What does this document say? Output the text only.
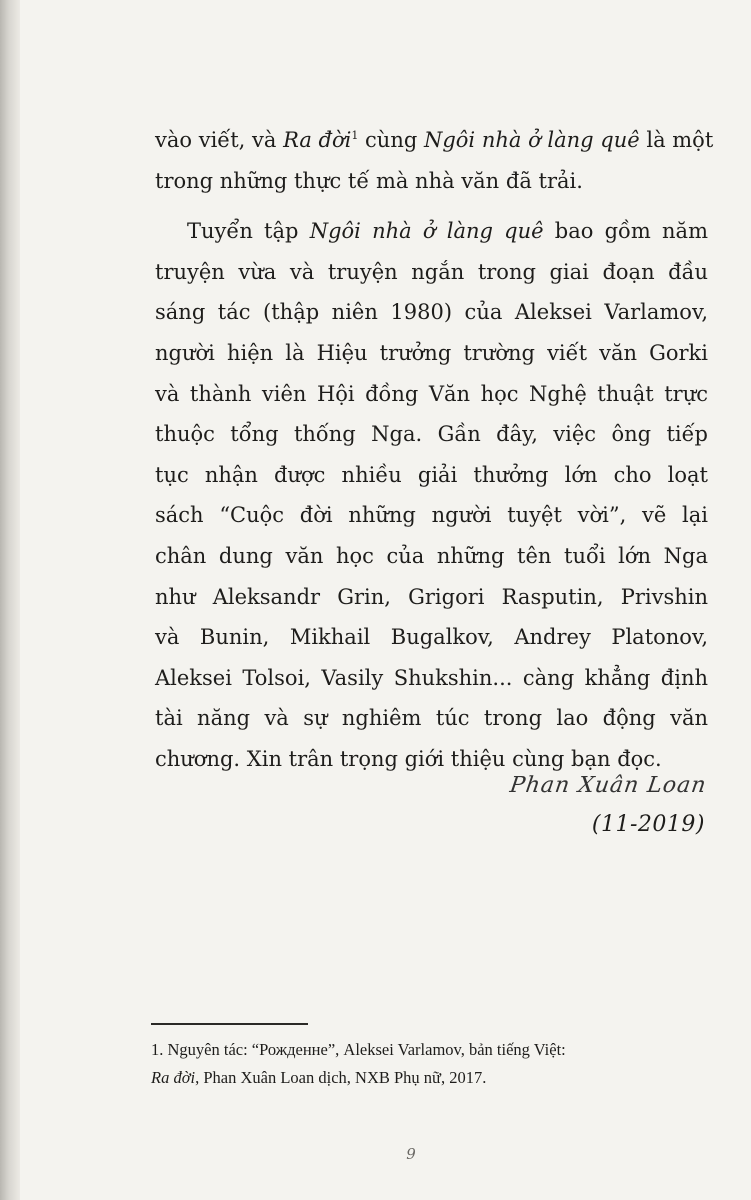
vào viết, và Ra đời$^1$ cùng Ngôi nhà ở làng quê là một
trong những thực tế mà nhà văn đã trải.
Tuyển tập Ngôi nhà ở làng quê bao gồm năm
truyện vừa và truyện ngắn trong giai đoạn đầu
sáng tác (thập niên 1980) của Aleksei Varlamov,
người hiện là Hiệu trưởng trường viết văn Gorki
và thành viên Hội đồng Văn học Nghệ thuật trực
thuộc tổng thống Nga. Gần đây, việc ông tiếp
tục nhận được nhiều giải thưởng lớn cho loạt
sách “Cuộc đời những người tuyệt vời”, vẽ lại
chân dung văn học của những tên tuổi lớn Nga
như Aleksandr Grin, Grigori Rasputin, Privshin
và Bunin, Mikhail Bugalkov, Andrey Platonov,
Aleksei Tolsoi, Vasily Shukshin... càng khẳng định
tài năng và sự nghiêm túc trong lao động văn
chương. Xin trân trọng giới thiệu cùng bạn đọc.
Phan Xuân Loan
(11-2019)
1. Nguyên tác: “Рожденне”, Aleksei Varlamov, bản tiếng Việt:
Ra đời, Phan Xuân Loan dịch, NXB Phụ nữ, 2017.
9
